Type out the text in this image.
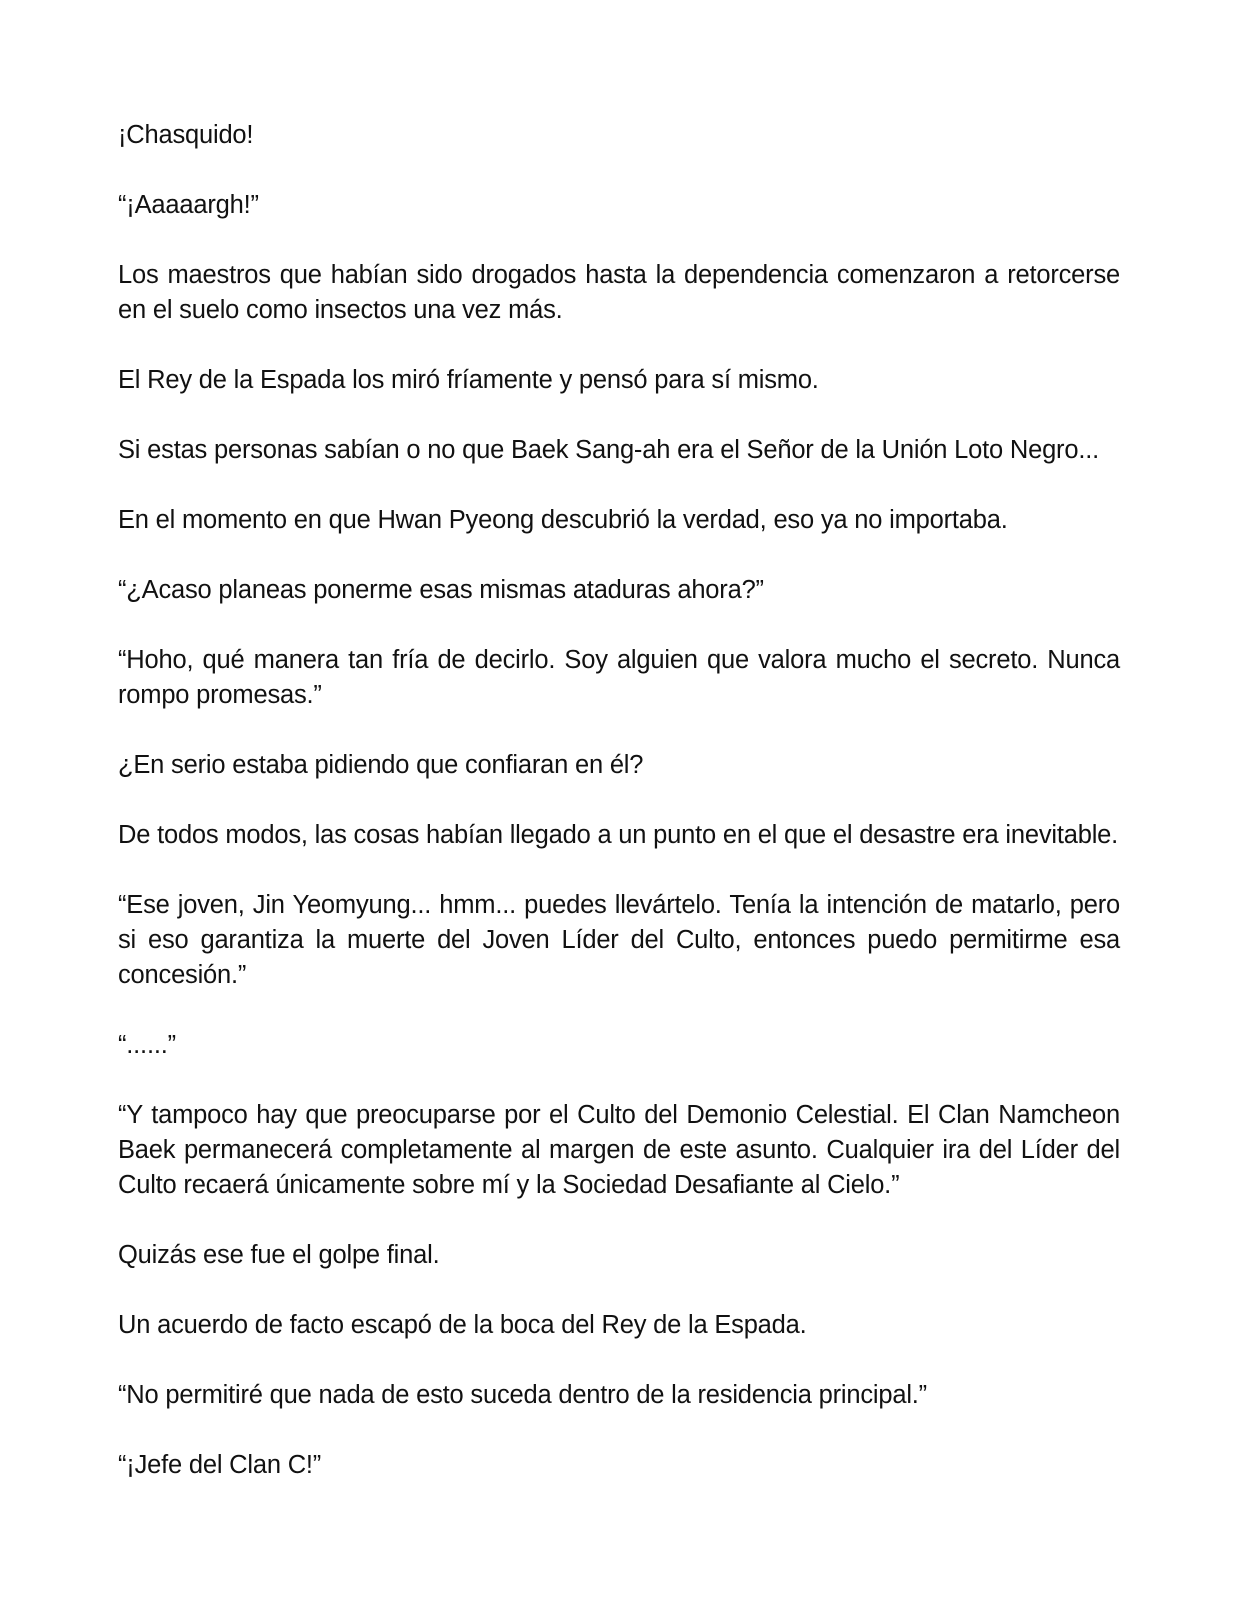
¡Chasquido!

“¡Aaaaargh!”

Los maestros que habían sido drogados hasta la dependencia comenzaron a retorcerse en el suelo como insectos una vez más.

El Rey de la Espada los miró fríamente y pensó para sí mismo.

Si estas personas sabían o no que Baek Sang-ah era el Señor de la Unión Loto Negro...

En el momento en que Hwan Pyeong descubrió la verdad, eso ya no importaba.

“¿Acaso planeas ponerme esas mismas ataduras ahora?”

“Hoho, qué manera tan fría de decirlo. Soy alguien que valora mucho el secreto. Nunca rompo promesas.”

¿En serio estaba pidiendo que confiaran en él?

De todos modos, las cosas habían llegado a un punto en el que el desastre era inevitable.

“Ese joven, Jin Yeomyung... hmm... puedes llevártelo. Tenía la intención de matarlo, pero si eso garantiza la muerte del Joven Líder del Culto, entonces puedo permitirme esa concesión.”

“......”

“Y tampoco hay que preocuparse por el Culto del Demonio Celestial. El Clan Namcheon Baek permanecerá completamente al margen de este asunto. Cualquier ira del Líder del Culto recaerá únicamente sobre mí y la Sociedad Desafiante al Cielo.”

Quizás ese fue el golpe final.

Un acuerdo de facto escapó de la boca del Rey de la Espada.

“No permitiré que nada de esto suceda dentro de la residencia principal.”

“¡Jefe del Clan C!”
